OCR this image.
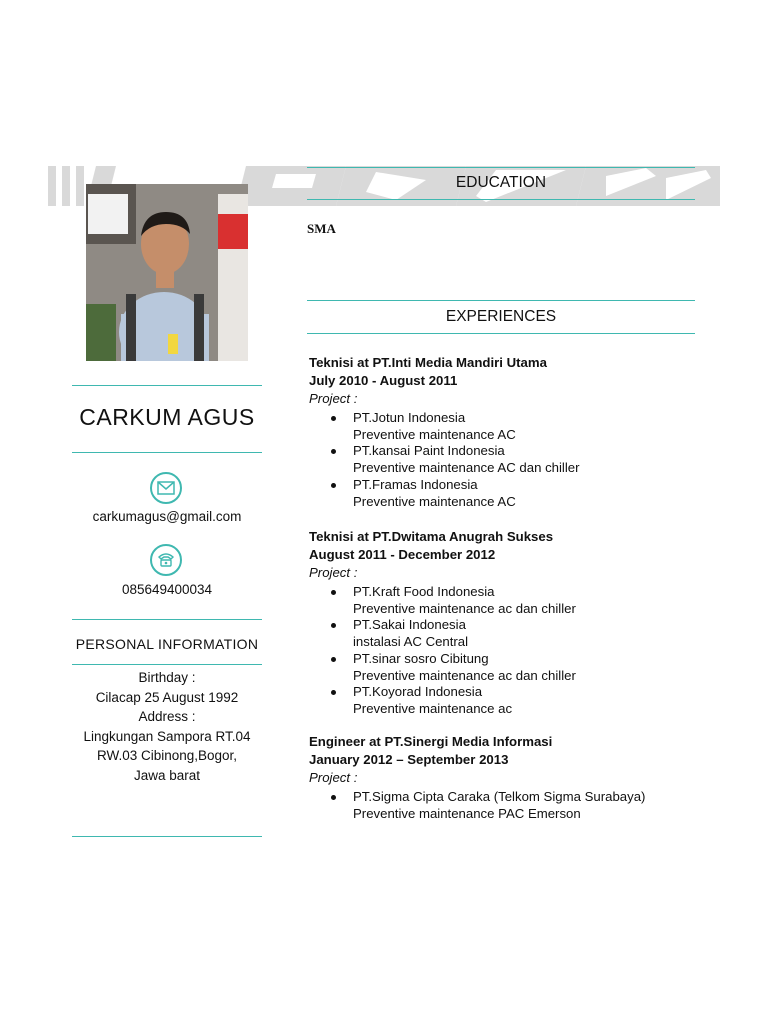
CARKUM AGUS
carkumagus@gmail.com
085649400034
PERSONAL INFORMATION
Birthday :
Cilacap 25 August 1992
Address :
Lingkungan Sampora RT.04
RW.03 Cibinong,Bogor,
Jawa barat
EDUCATION
SMA
EXPERIENCES
Teknisi at PT.Inti Media Mandiri Utama
July 2010 - August 2011
Project :
PT.Jotun Indonesia
Preventive maintenance AC
PT.kansai Paint Indonesia
Preventive maintenance AC dan chiller
PT.Framas Indonesia
Preventive maintenance AC
Teknisi at PT.Dwitama Anugrah Sukses
August 2011 - December 2012
Project :
PT.Kraft Food Indonesia
Preventive maintenance ac dan chiller
PT.Sakai Indonesia
instalasi AC Central
PT.sinar sosro Cibitung
Preventive maintenance ac dan chiller
PT.Koyorad Indonesia
Preventive maintenance ac
Engineer at PT.Sinergi Media Informasi
January 2012 – September 2013
Project :
PT.Sigma Cipta Caraka (Telkom Sigma Surabaya)
Preventive maintenance PAC Emerson
